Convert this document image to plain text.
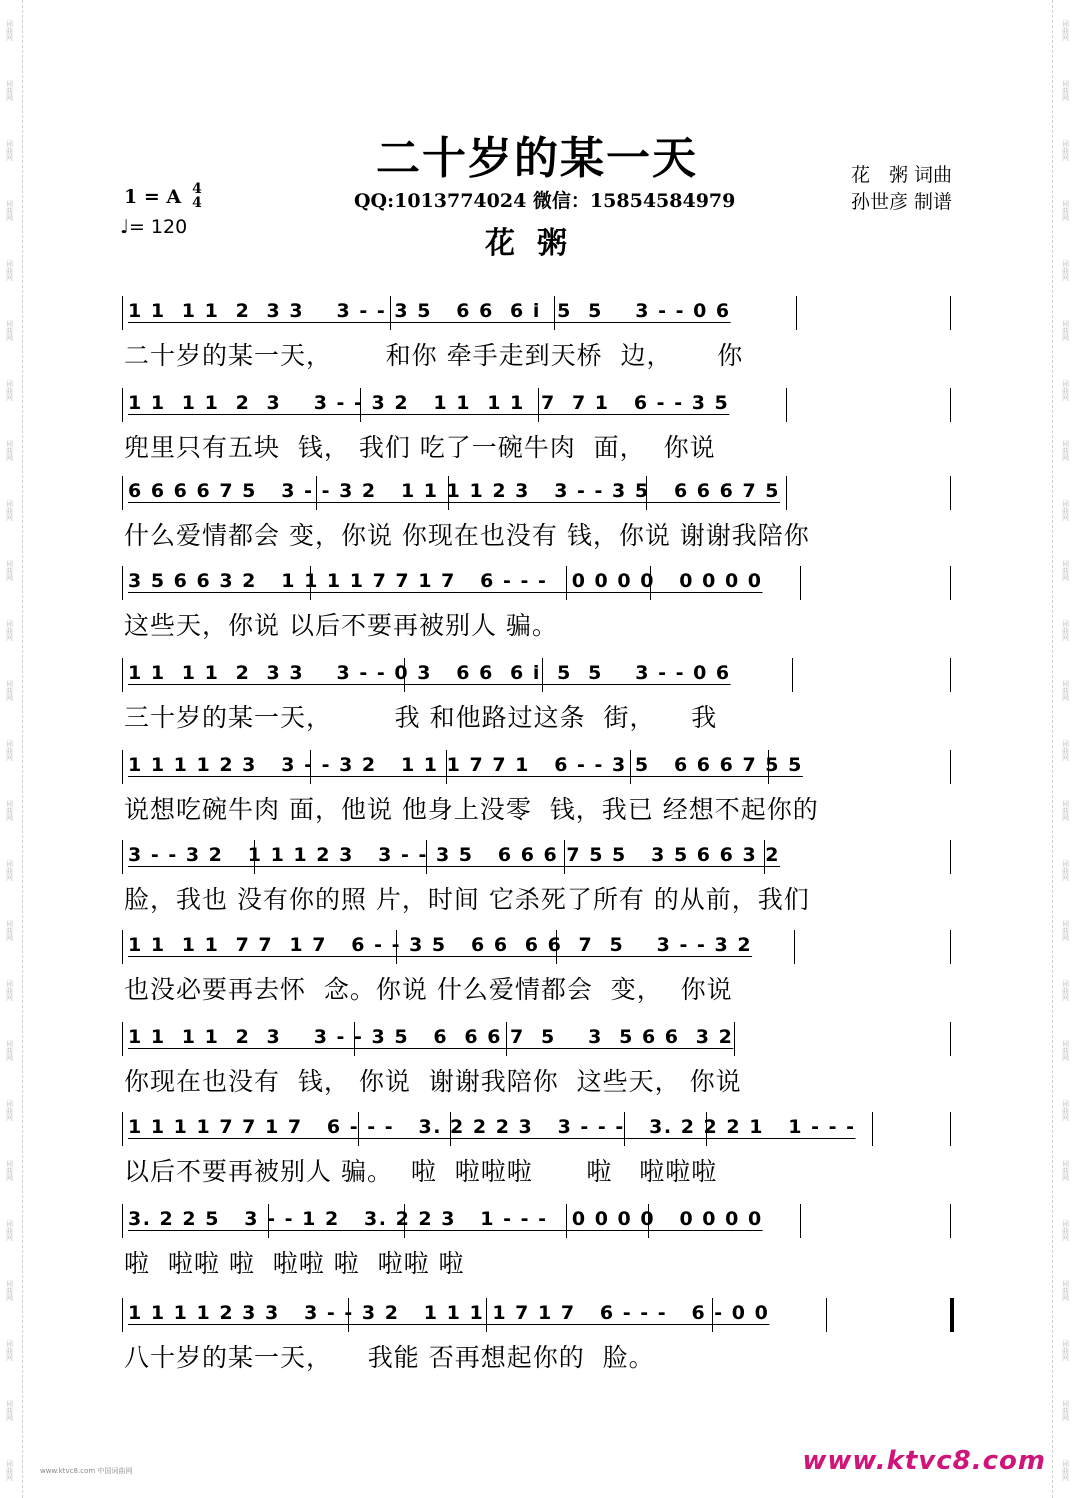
词曲网
词曲网
词曲网
词曲网
词曲网
词曲网
词曲网
词曲网
词曲网
词曲网
词曲网
词曲网
词曲网
词曲网
词曲网
词曲网
词曲网
词曲网
词曲网
词曲网
词曲网
词曲网
词曲网
词曲网
词曲网
词曲网
词曲网
词曲网
词曲网
词曲网
词曲网
词曲网
词曲网
词曲网
词曲网
词曲网
词曲网
词曲网
词曲网
词曲网
词曲网
词曲网
词曲网
词曲网
词曲网
词曲网
词曲网
词曲网
词曲网
词曲网
二十岁的某一天
1 = A 4
4
♩= 120
QQ:1013774024 微信：15854584979
花粥
花　粥 词曲
孙世彦 制谱
1 1  1 1  2  3 3    3 - - 3 5   6 6  6 i  5  5    3 - - 0 6
二十岁的某一天，      和你 牵手走到天桥  边，     你
1 1  1 1  2  3    3 - - 3 2   1 1  1 1  7  7 1   6 - - 3 5
兜里只有五块  钱， 我们 吃了一碗牛肉  面，  你说
6 6 6 6 7 5   3 - - 3 2   1 1 1 1 2 3   3 - - 3 5   6 6 6 7 5
什么爱情都会 变，你说 你现在也没有 钱，你说 谢谢我陪你
3 5 6 6 3 2   1 1 1 1 7 7 1 7   6 - - -   0 0 0 0   0 0 0 0
这些天，你说 以后不要再被别人 骗。
1 1  1 1  2  3 3    3 - - 0 3   6 6  6 i  5  5    3 - - 0 6
三十岁的某一天，       我 和他路过这条  街，    我
1 1 1 1 2 3   3 - - 3 2   1 1 1 7 7 1   6 - - 3 5   6 6 6 7 5 5
说想吃碗牛肉 面，他说 他身上没零  钱，我已 经想不起你的
3 - - 3 2   1 1 1 2 3   3 - - 3 5   6 6 6 7 5 5   3 5 6 6 3 2
脸，我也 没有你的照 片，时间 它杀死了所有 的从前，我们
1 1  1 1  7 7  1 7   6 - - 3 5   6 6  6 6  7  5    3 - - 3 2
也没必要再去怀  念。你说 什么爱情都会  变，  你说
1 1  1 1  2  3    3 - - 3 5   6  6 6 7  5    3  5 6 6  3 2
你现在也没有  钱， 你说  谢谢我陪你  这些天， 你说
1 1 1 1 7 7 1 7   6 - - -   3. 2 2 2 3   3 - - -   3. 2 2 2 1   1 - - -
以后不要再被别人 骗。  啦  啦啦啦      啦   啦啦啦
3. 2 2 5   3 - - 1 2   3. 2 2 3   1 - - -   0 0 0 0   0 0 0 0
啦  啦啦 啦  啦啦 啦  啦啦 啦
1 1 1 1 2 3 3   3 - - 3 2   1 1 1 1 7 1 7   6 - - -   6 - 0 0
八十岁的某一天，    我能 否再想起你的  脸。
www.ktvc8.com 中国词曲网	www.ktvc8.com
